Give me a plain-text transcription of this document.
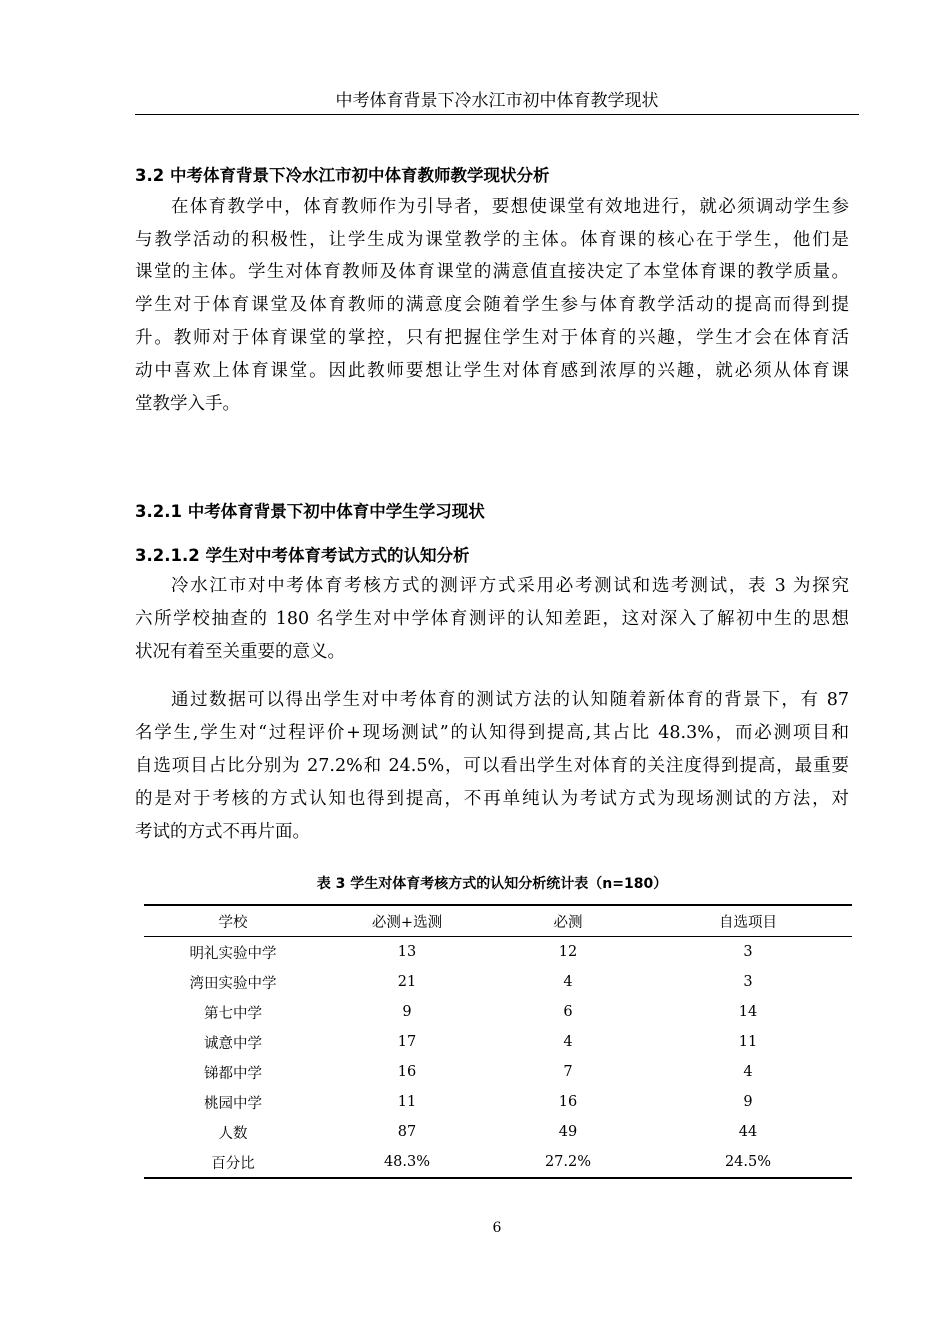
中考体育背景下冷水江市初中体育教学现状
3.2 中考体育背景下冷水江市初中体育教师教学现状分析
在体育教学中，体育教师作为引导者，要想使课堂有效地进行，就必须调动学生参
与教学活动的积极性，让学生成为课堂教学的主体。体育课的核心在于学生，他们是
课堂的主体。学生对体育教师及体育课堂的满意值直接决定了本堂体育课的教学质量。
学生对于体育课堂及体育教师的满意度会随着学生参与体育教学活动的提高而得到提
升。教师对于体育课堂的掌控，只有把握住学生对于体育的兴趣，学生才会在体育活
动中喜欢上体育课堂。因此教师要想让学生对体育感到浓厚的兴趣，就必须从体育课
堂教学入手。
3.2.1 中考体育背景下初中体育中学生学习现状
3.2.1.2 学生对中考体育考试方式的认知分析
冷水江市对中考体育考核方式的测评方式采用必考测试和选考测试，表 3 为探究
六所学校抽查的 180 名学生对中学体育测评的认知差距，这对深入了解初中生的思想
状况有着至关重要的意义。
通过数据可以得出学生对中考体育的测试方法的认知随着新体育的背景下，有 87
名学生,学生对“过程评价+现场测试”的认知得到提高,其占比 48.3%，而必测项目和
自选项目占比分别为 27.2%和 24.5%，可以看出学生对体育的关注度得到提高，最重要
的是对于考核的方式认知也得到提高，不再单纯认为考试方式为现场测试的方法，对
考试的方式不再片面。
表 3 学生对体育考核方式的认知分析统计表（n=180）
学校	必测+选测	必测	自选项目
明礼实验中学	13	12	3
湾田实验中学	21	4	3
第七中学	9	6	14
诚意中学	17	4	11
锑都中学	16	7	4
桃园中学	11	16	9
人数	87	49	44
百分比	48.3%	27.2%	24.5%
6
